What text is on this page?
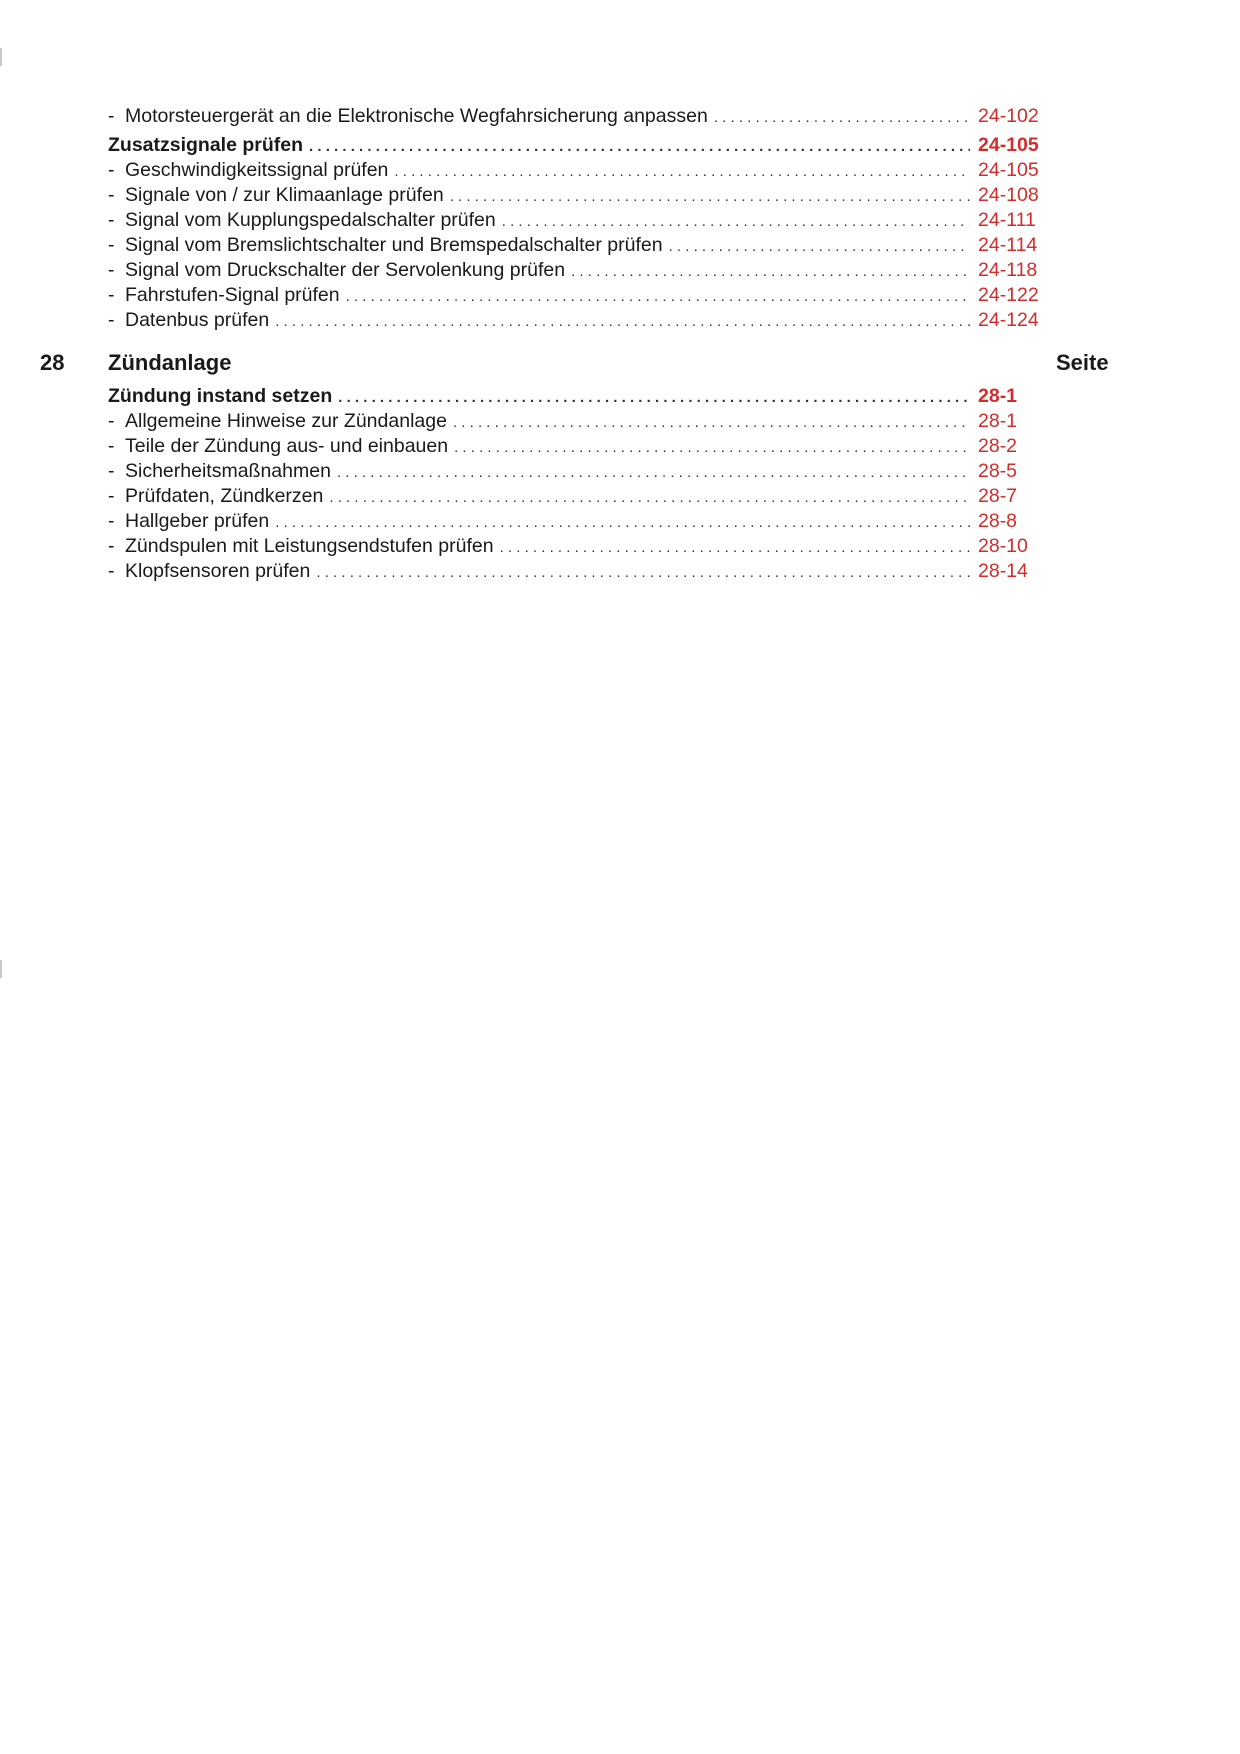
- Motorsteuergerät an die Elektronische Wegfahrsicherung anpassen . . .	24-102
Zusatzsignale prüfen . . .	24-105
- Geschwindigkeitssignal prüfen . . .	24-105
- Signale von / zur Klimaanlage prüfen . . .	24-108
- Signal vom Kupplungspedalschalter prüfen . . .	24-111
- Signal vom Bremslichtschalter und Bremspedalschalter prüfen . . .	24-114
- Signal vom Druckschalter der Servolenkung prüfen . . .	24-118
- Fahrstufen-Signal prüfen . . .	24-122
- Datenbus prüfen . . .	24-124
28 Zündanlage	Seite
Zündung instand setzen . . .	28-1
- Allgemeine Hinweise zur Zündanlage . . .	28-1
- Teile der Zündung aus- und einbauen . . .	28-2
- Sicherheitsmaßnahmen . . .	28-5
- Prüfdaten, Zündkerzen . . .	28-7
- Hallgeber prüfen . . .	28-8
- Zündspulen mit Leistungsendstufen prüfen . . .	28-10
- Klopfsensoren prüfen . . .	28-14
